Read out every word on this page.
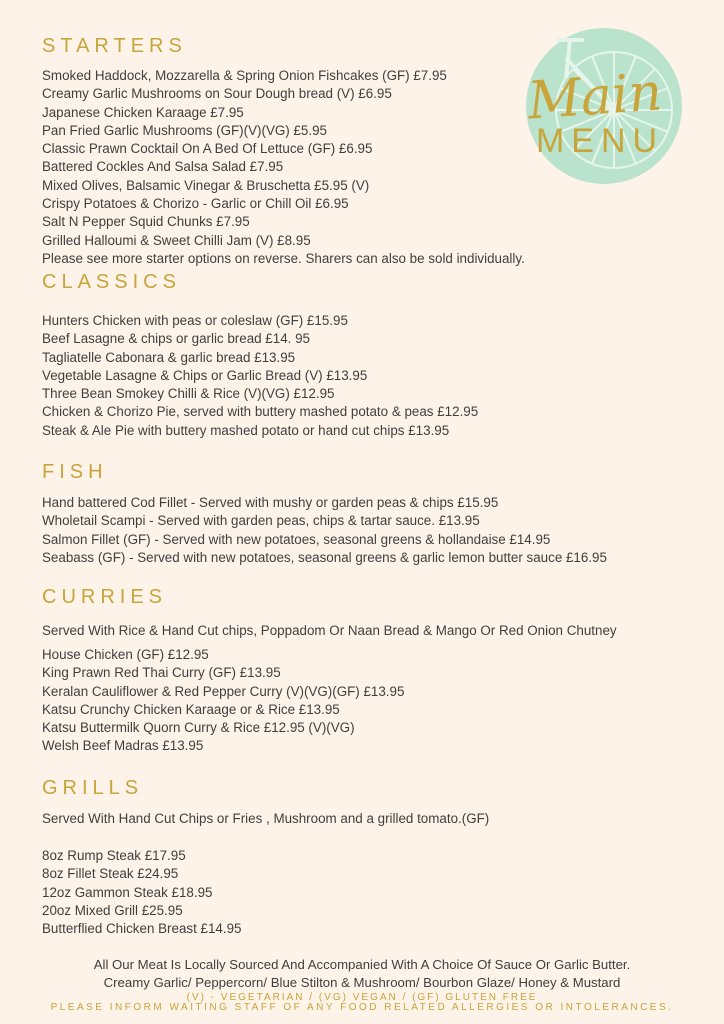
Main
MENU
STARTERS
Smoked Haddock, Mozzarella & Spring Onion Fishcakes (GF) £7.95
Creamy Garlic Mushrooms on Sour Dough bread (V) £6.95
Japanese Chicken Karaage £7.95
Pan Fried Garlic Mushrooms (GF)(V)(VG) £5.95
Classic Prawn Cocktail On A Bed Of Lettuce (GF) £6.95
Battered Cockles And Salsa Salad £7.95
Mixed Olives, Balsamic Vinegar & Bruschetta £5.95 (V)
Crispy Potatoes & Chorizo - Garlic or Chill Oil £6.95
Salt N Pepper Squid Chunks £7.95
Grilled Halloumi & Sweet Chilli Jam (V) £8.95
Please see more starter options on reverse. Sharers can also be sold individually.
CLASSICS
Hunters Chicken with peas or coleslaw (GF) £15.95
Beef Lasagne & chips or garlic bread £14. 95
Tagliatelle Cabonara & garlic bread £13.95
Vegetable Lasagne & Chips or Garlic Bread (V) £13.95
Three Bean Smokey Chilli & Rice (V)(VG) £12.95
Chicken & Chorizo Pie, served with buttery mashed potato & peas £12.95
Steak & Ale Pie with buttery mashed potato or hand cut chips £13.95
FISH
Hand battered Cod Fillet - Served with mushy or garden peas & chips £15.95
Wholetail Scampi - Served with garden peas, chips & tartar sauce. £13.95
Salmon Fillet (GF) - Served with new potatoes, seasonal greens & hollandaise £14.95
Seabass (GF) - Served with new potatoes, seasonal greens & garlic lemon butter sauce £16.95
CURRIES

Served With Rice & Hand Cut chips, Poppadom Or Naan Bread & Mango Or Red Onion Chutney

House Chicken (GF) £12.95
King Prawn Red Thai Curry (GF) £13.95
Keralan Cauliflower & Red Pepper Curry (V)(VG)(GF) £13.95
Katsu Crunchy Chicken Karaage or & Rice £13.95
Katsu Buttermilk Quorn Curry & Rice £12.95 (V)(VG)
Welsh Beef Madras £13.95
GRILLS

Served With Hand Cut Chips or Fries , Mushroom and a grilled tomato.(GF)

8oz Rump Steak £17.95
8oz Fillet Steak £24.95
12oz Gammon Steak £18.95
20oz Mixed Grill £25.95
Butterflied Chicken Breast £14.95

All Our Meat Is Locally Sourced And Accompanied With A Choice Of Sauce Or Garlic Butter.

Creamy Garlic/ Peppercorn/ Blue Stilton & Mushroom/ Bourbon Glaze/ Honey & Mustard

(V) - VEGETARIAN / (VG) VEGAN / (GF) GLUTEN FREE

PLEASE INFORM WAITING STAFF OF ANY FOOD RELATED ALLERGIES OR INTOLERANCES.
